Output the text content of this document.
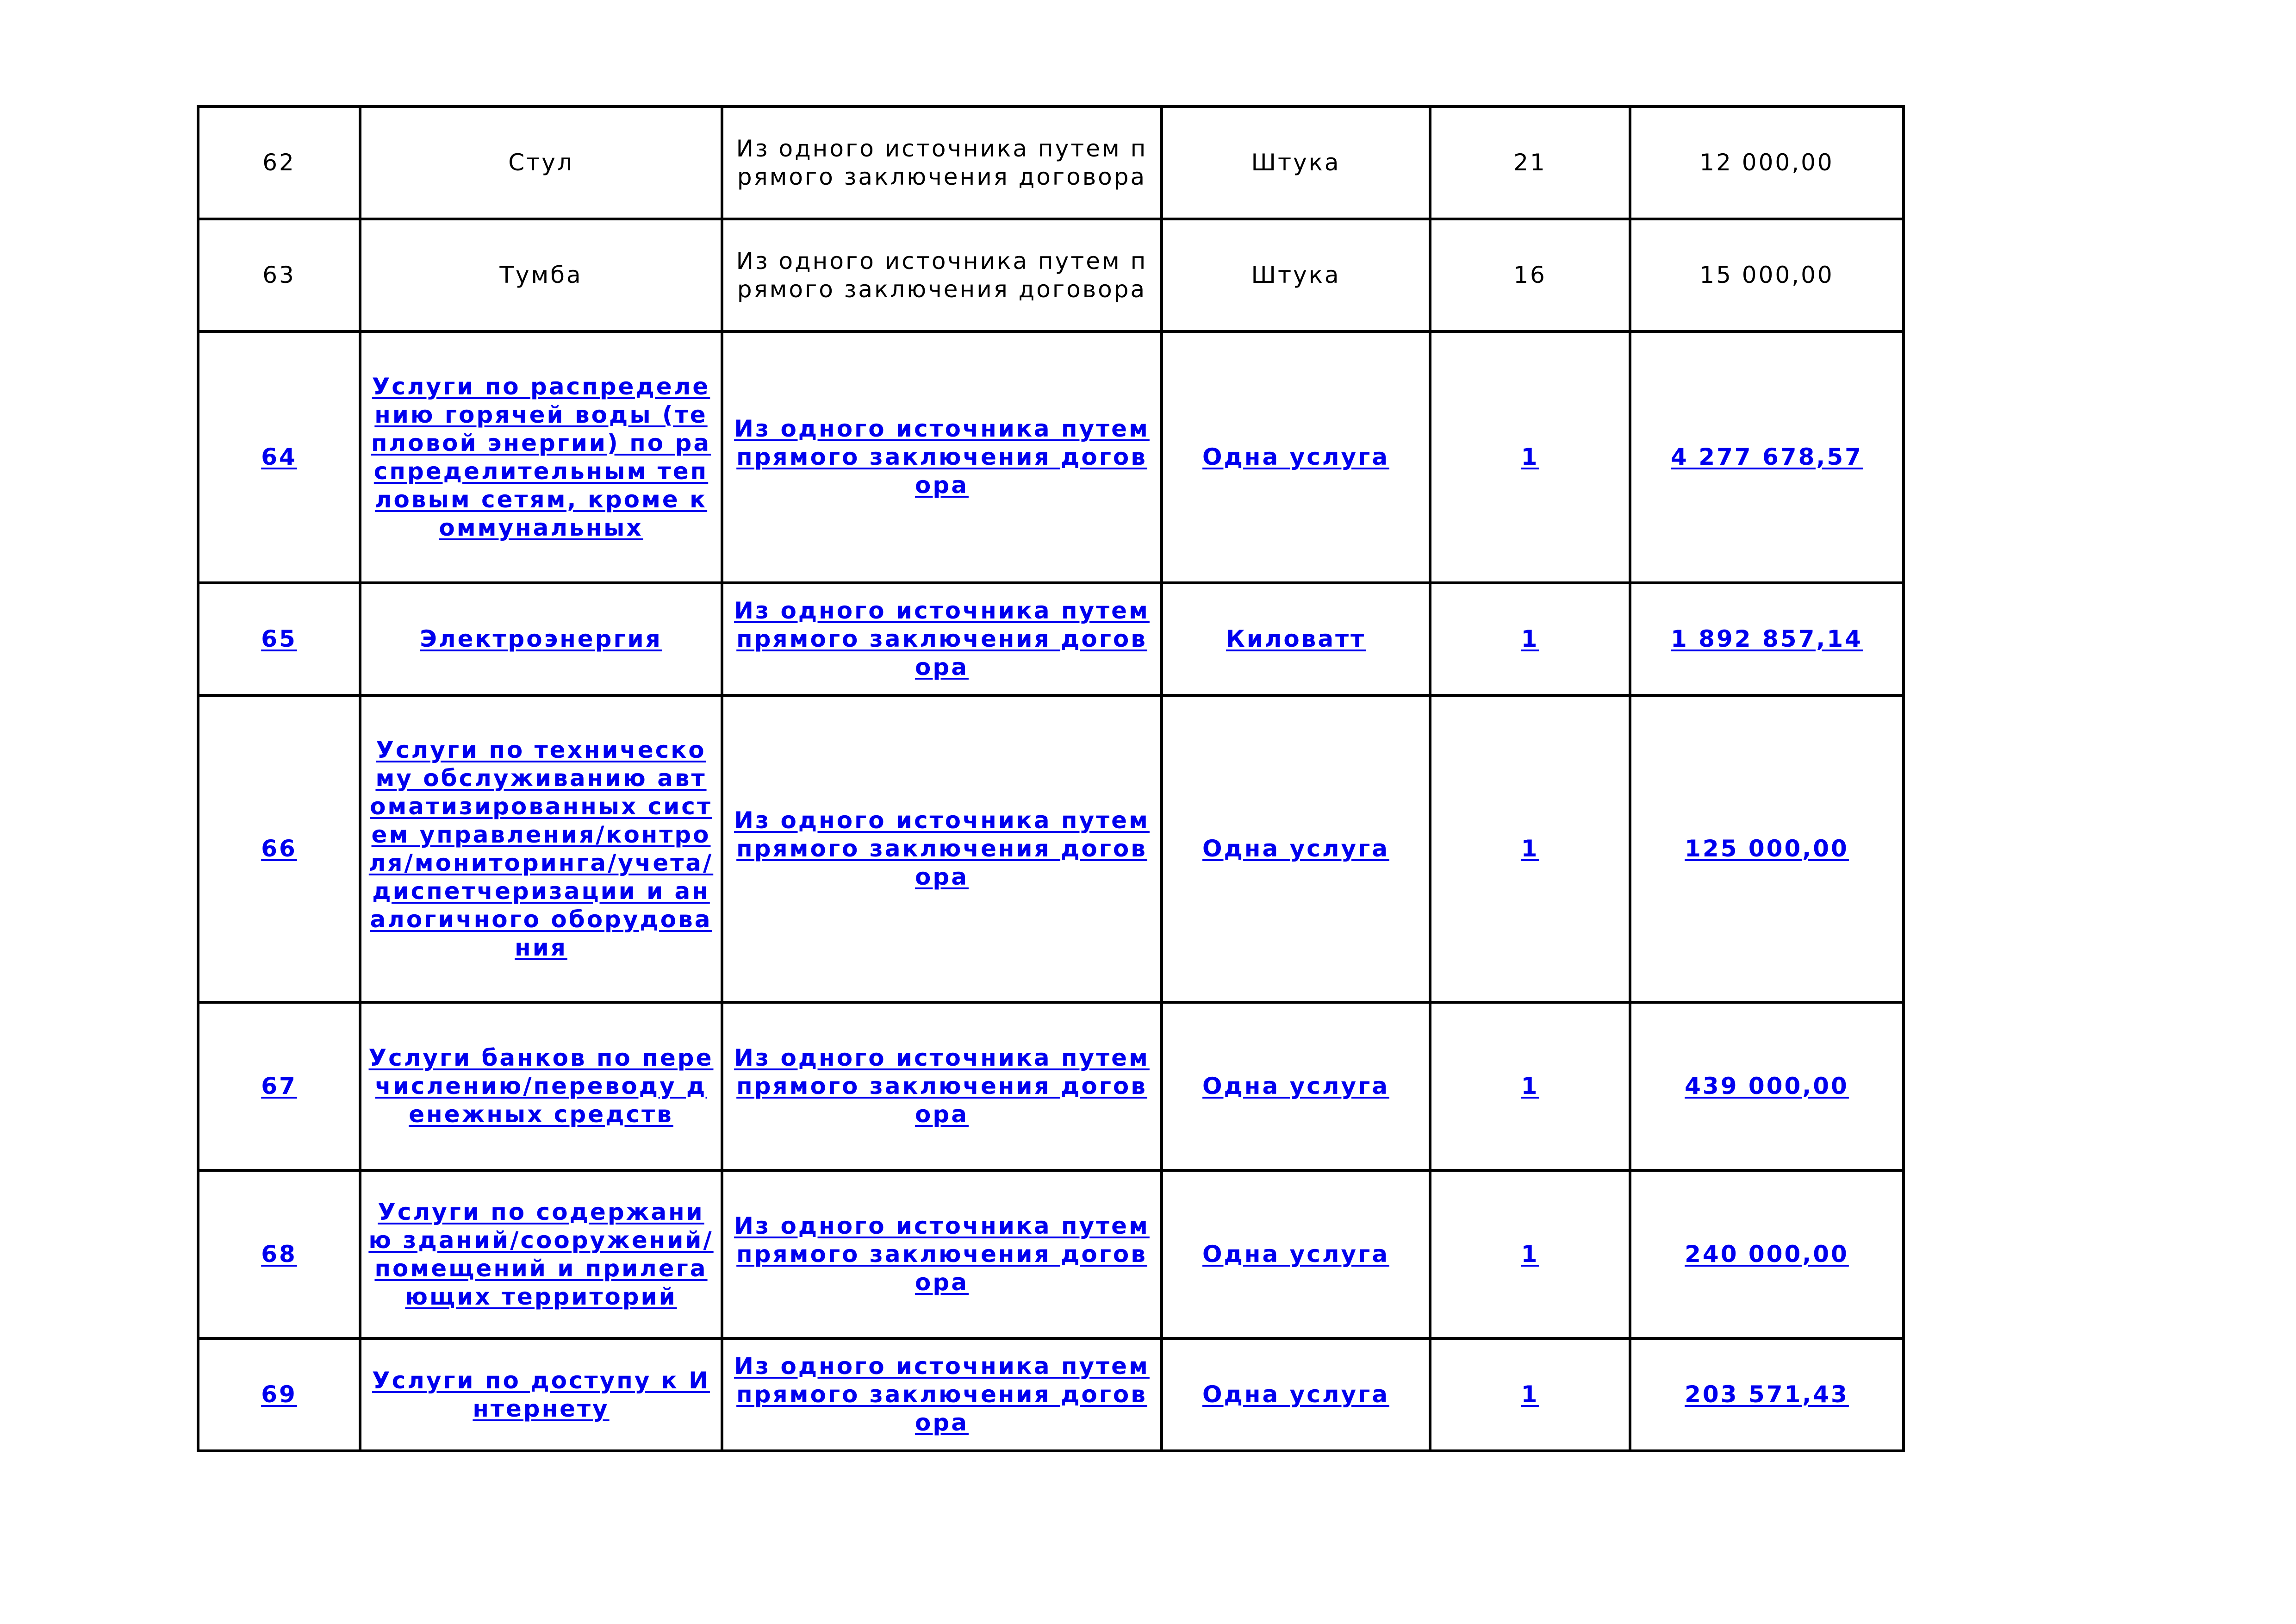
62	Стул	Из одного источника путем прямого заключения договора	Штука	21	12 000,00
63	Тумба	Из одного источника путем прямого заключения договора	Штука	16	15 000,00
64	Услуги по распределению горячей воды (тепловой энергии) по распределительным тепловым сетям, кроме коммунальных	Из одного источника путем прямого заключения договора	Одна услуга	1	4 277 678,57
65	Электроэнергия	Из одного источника путем прямого заключения договора	Киловатт	1	1 892 857,14
66	Услуги по техническому обслуживанию автоматизированных систем управления/контроля/мониторинга/учета/диспетчеризации и аналогичного оборудования	Из одного источника путем прямого заключения договора	Одна услуга	1	125 000,00
67	Услуги банков по перечислению/переводу денежных средств	Из одного источника путем прямого заключения договора	Одна услуга	1	439 000,00
68	Услуги по содержанию зданий/сооружений/помещений и прилегающих территорий	Из одного источника путем прямого заключения договора	Одна услуга	1	240 000,00
69	Услуги по доступу к Интернету	Из одного источника путем прямого заключения договора	Одна услуга	1	203 571,43
